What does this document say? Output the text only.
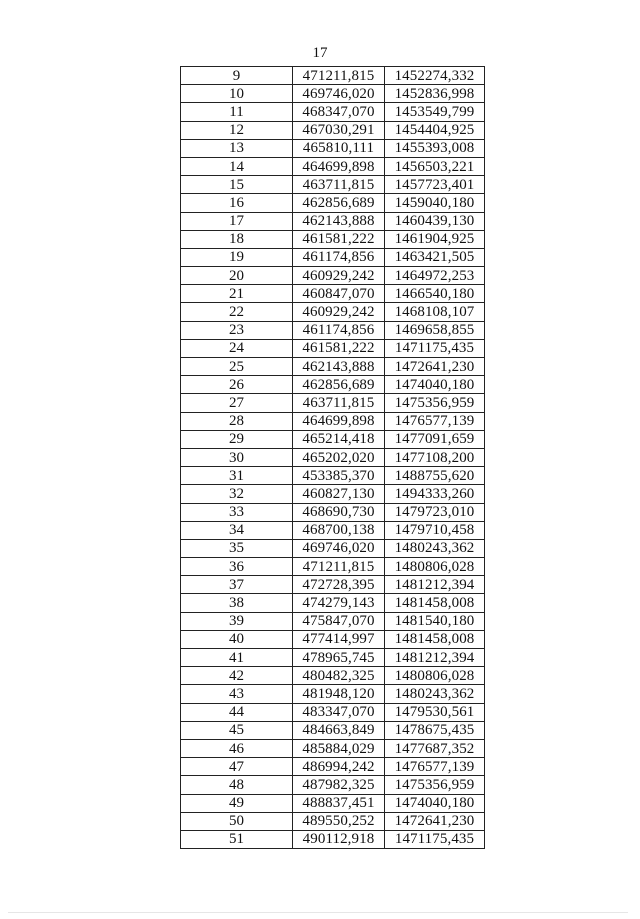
17
9	471211,815	1452274,332
10	469746,020	1452836,998
11	468347,070	1453549,799
12	467030,291	1454404,925
13	465810,111	1455393,008
14	464699,898	1456503,221
15	463711,815	1457723,401
16	462856,689	1459040,180
17	462143,888	1460439,130
18	461581,222	1461904,925
19	461174,856	1463421,505
20	460929,242	1464972,253
21	460847,070	1466540,180
22	460929,242	1468108,107
23	461174,856	1469658,855
24	461581,222	1471175,435
25	462143,888	1472641,230
26	462856,689	1474040,180
27	463711,815	1475356,959
28	464699,898	1476577,139
29	465214,418	1477091,659
30	465202,020	1477108,200
31	453385,370	1488755,620
32	460827,130	1494333,260
33	468690,730	1479723,010
34	468700,138	1479710,458
35	469746,020	1480243,362
36	471211,815	1480806,028
37	472728,395	1481212,394
38	474279,143	1481458,008
39	475847,070	1481540,180
40	477414,997	1481458,008
41	478965,745	1481212,394
42	480482,325	1480806,028
43	481948,120	1480243,362
44	483347,070	1479530,561
45	484663,849	1478675,435
46	485884,029	1477687,352
47	486994,242	1476577,139
48	487982,325	1475356,959
49	488837,451	1474040,180
50	489550,252	1472641,230
51	490112,918	1471175,435
